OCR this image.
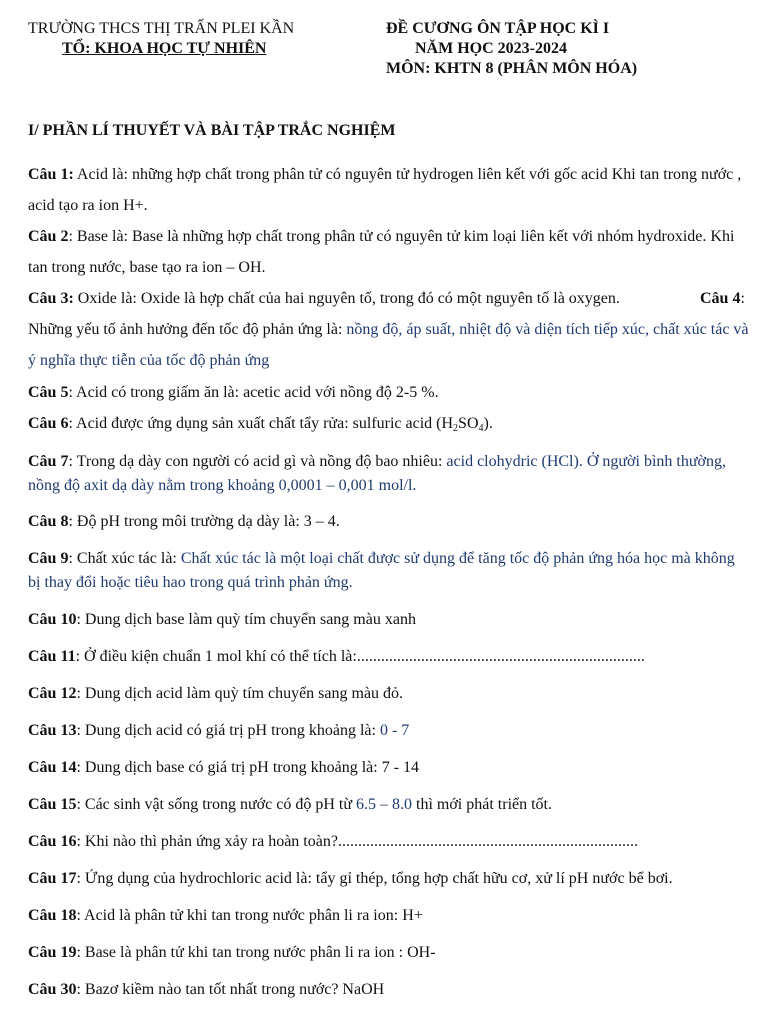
TRƯỜNG THCS THỊ TRẤN PLEI KẦN
TỔ: KHOA HỌC TỰ NHIÊN
ĐỀ CƯƠNG ÔN TẬP HỌC KÌ I
NĂM HỌC 2023-2024
MÔN: KHTN 8 (PHÂN MÔN HÓA)
I/ PHẦN LÍ THUYẾT VÀ BÀI TẬP TRẮC NGHIỆM
Câu 1: Acid là: những hợp chất trong phân tử có nguyên tử hydrogen liên kết với gốc acid Khi tan trong nước , acid tạo ra ion H+.
Câu 2: Base là: Base là những hợp chất trong phân tử có nguyên tử kim loại liên kết với nhóm hydroxide. Khi tan trong nước, base tạo ra ion – OH.
Câu 3: Oxide là: Oxide là hợp chất của hai nguyên tố, trong đó có một nguyên tố là oxygen.	Câu 4: Những yếu tố ảnh hưởng đến tốc độ phản ứng là: nồng độ, áp suất, nhiệt độ và diện tích tiếp xúc, chất xúc tác và ý nghĩa thực tiễn của tốc độ phản ứng
Câu 5: Acid có trong giấm ăn là: acetic acid với nồng độ 2-5 %.
Câu 6: Acid được ứng dụng sản xuất chất tẩy rửa: sulfuric acid $(H_2SO_4)$.
Câu 7: Trong dạ dày con người có acid gì và nồng độ bao nhiêu: acid clohydric (HCl). Ở người bình thường, nồng độ axit dạ dày nằm trong khoảng 0,0001 – 0,001 mol/l.
Câu 8: Độ pH trong môi trường dạ dày là: 3 – 4.
Câu 9: Chất xúc tác là: Chất xúc tác là một loại chất được sử dụng để tăng tốc độ phản ứng hóa học mà không bị thay đổi hoặc tiêu hao trong quá trình phản ứng.
Câu 10: Dung dịch base làm quỳ tím chuyển sang màu xanh
Câu 11: Ở điều kiện chuẩn 1 mol khí có thể tích là:........................................................................
Câu 12: Dung dịch acid làm quỳ tím chuyển sang màu đỏ.
Câu 13: Dung dịch acid có giá trị pH trong khoảng là: 0 - 7
Câu 14: Dung dịch base có giá trị pH trong khoảng là: 7 - 14
Câu 15: Các sinh vật sống trong nước có độ pH từ 6.5 – 8.0 thì mới phát triển tốt.
Câu 16: Khi nào thì phản ứng xảy ra hoàn toàn?...........................................................................
Câu 17: Ứng dụng của hydrochloric acid là: tẩy gỉ thép, tổng hợp chất hữu cơ, xử lí pH nước bể bơi.
Câu 18: Acid là phân tử khi tan trong nước phân li ra ion: H+
Câu 19: Base là phân tử khi tan trong nước phân li ra ion : OH-
Câu 30: Bazơ kiềm nào tan tốt nhất trong nước? NaOH
